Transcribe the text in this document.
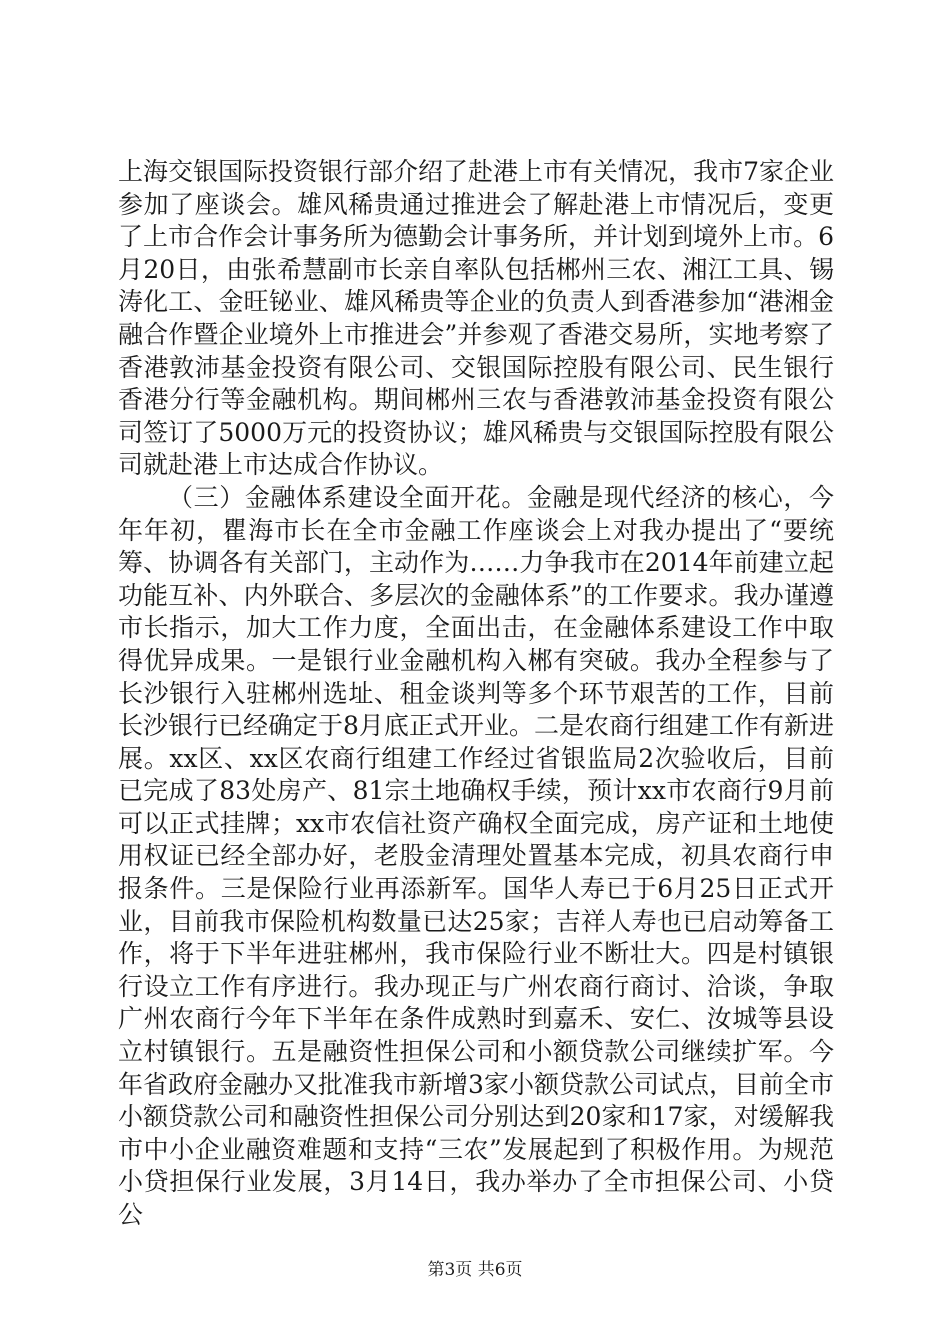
上海交银国际投资银行部介绍了赴港上市有关情况，我市7家企业参加了座谈会。雄风稀贵通过推进会了解赴港上市情况后，变更了上市合作会计事务所为德勤会计事务所，并计划到境外上市。6月20日，由张希慧副市长亲自率队包括郴州三农、湘江工具、锡涛化工、金旺铋业、雄风稀贵等企业的负责人到香港参加“港湘金融合作暨企业境外上市推进会”并参观了香港交易所，实地考察了香港敦沛基金投资有限公司、交银国际控股有限公司、民生银行香港分行等金融机构。期间郴州三农与香港敦沛基金投资有限公司签订了5000万元的投资协议；雄风稀贵与交银国际控股有限公司就赴港上市达成合作协议。

（三）金融体系建设全面开花。金融是现代经济的核心，今年年初，瞿海市长在全市金融工作座谈会上对我办提出了“要统筹、协调各有关部门，主动作为……力争我市在2014年前建立起功能互补、内外联合、多层次的金融体系”的工作要求。我办谨遵市长指示，加大工作力度，全面出击，在金融体系建设工作中取得优异成果。一是银行业金融机构入郴有突破。我办全程参与了长沙银行入驻郴州选址、租金谈判等多个环节艰苦的工作，目前长沙银行已经确定于8月底正式开业。二是农商行组建工作有新进展。xx区、xx区农商行组建工作经过省银监局2次验收后，目前已完成了83处房产、81宗土地确权手续，预计xx市农商行9月前可以正式挂牌；xx市农信社资产确权全面完成，房产证和土地使用权证已经全部办好，老股金清理处置基本完成，初具农商行申报条件。三是保险行业再添新军。国华人寿已于6月25日正式开业，目前我市保险机构数量已达25家；吉祥人寿也已启动筹备工作，将于下半年进驻郴州，我市保险行业不断壮大。四是村镇银行设立工作有序进行。我办现正与广州农商行商讨、洽谈，争取广州农商行今年下半年在条件成熟时到嘉禾、安仁、汝城等县设立村镇银行。五是融资性担保公司和小额贷款公司继续扩军。今年省政府金融办又批准我市新增3家小额贷款公司试点，目前全市小额贷款公司和融资性担保公司分别达到20家和17家，对缓解我市中小企业融资难题和支持“三农”发展起到了积极作用。为规范小贷担保行业发展，3月14日，我办举办了全市担保公司、小贷公

第3页 共6页
